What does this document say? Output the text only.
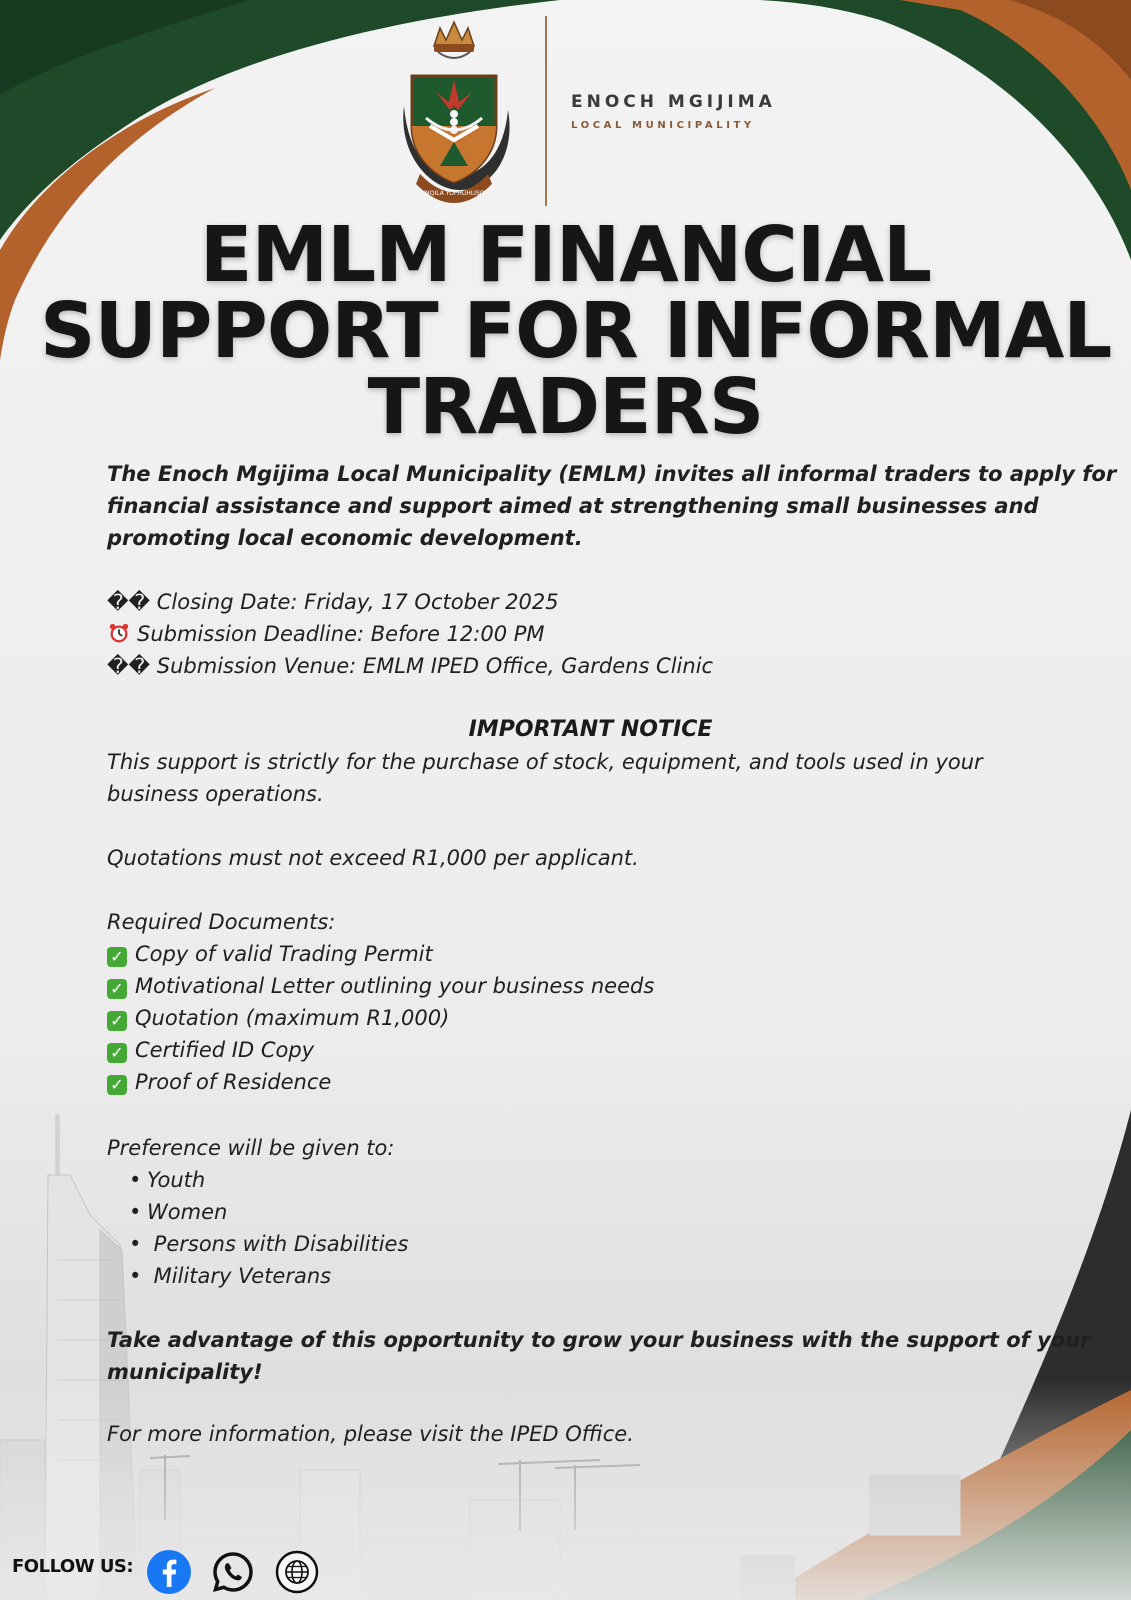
INQILA YOPHUHLISO
ENOCH MGIJIMA
LOCAL MUNICIPALITY
EMLM FINANCIAL
SUPPORT FOR INFORMAL
TRADERS
The Enoch Mgijima Local Municipality (EMLM) invites all informal traders to apply for
financial assistance and support aimed at strengthening small businesses and
promoting local economic development.
�� Closing Date: Friday, 17 October 2025
Submission Deadline: Before 12:00 PM
�� Submission Venue: EMLM IPED Office, Gardens Clinic
IMPORTANT NOTICE
This support is strictly for the purchase of stock, equipment, and tools used in your
business operations.
Quotations must not exceed R1,000 per applicant.
Required Documents:
✓ Copy of valid Trading Permit
✓ Motivational Letter outlining your business needs
✓ Quotation (maximum R1,000)
✓ Certified ID Copy
✓ Proof of Residence
Preference will be given to:
• Youth
• Women
•  Persons with Disabilities
•  Military Veterans
Take advantage of this opportunity to grow your business with the support of your
municipality!
For more information, please visit the IPED Office.
FOLLOW US:
